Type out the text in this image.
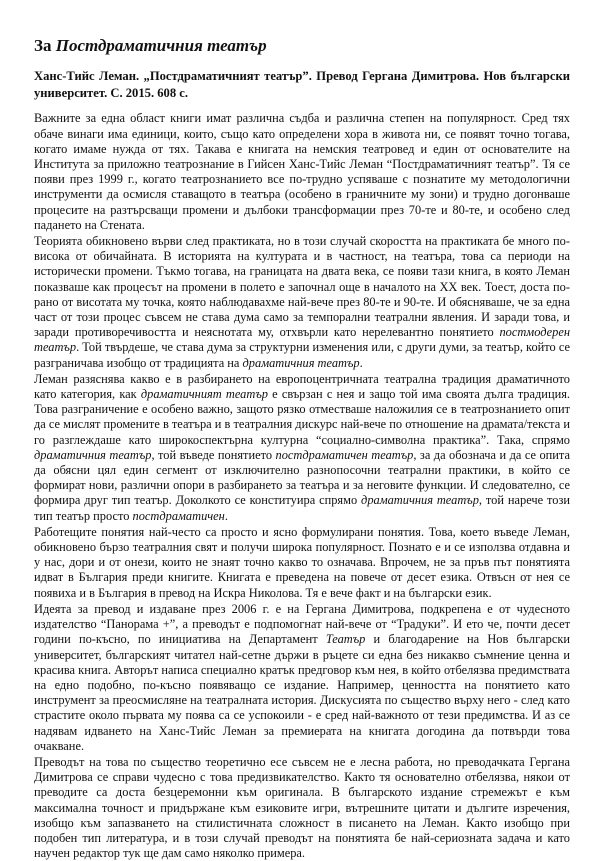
За Постдраматичния театър

Ханс-Тийс Леман. „Постдраматичният театър”. Превод Гергана Димитрова. Нов български университет. С. 2015. 608 с.

Важните за една област книги имат различна съдба и различна степен на популярност. Сред тях обаче винаги има единици, които, също като определени хора в живота ни, се появят точно тогава, когато имаме нужда от тях. Такава е книгата на немския театровед и един от основателите на Института за приложно театрознание в Гийсен Ханс-Тийс Леман “Постдраматичният театър”. Тя се появи през 1999 г., когато театрознанието все по-трудно успяваше с познатите му методологични инструменти да осмисля ставащото в театъра (особено в граничните му зони) и трудно догонваше процесите на разтърсващи промени и дълбоки трансформации през 70-те и 80-те, и особено след падането на Стената.

Теорията обикновено върви след практиката, но в този случай скоростта на практиката бе много по-висока от обичайната. В историята на културата и в частност, на театъра, това са периоди на исторически промени. Тъкмо тогава, на границата на двата века, се появи тази книга, в която Леман показваше как процесът на промени в полето е започнал още в началото на ХХ век. Тоест, доста по-рано от висотата му точка, която наблюдавахме най-вече през 80-те и 90-те. И обясняваше, че за една част от този процес съвсем не става дума само за темпорални театрални явления. И заради това, и заради противоречивостта и неяснотата му, отхвърли като нерелевантно понятието постмодерен театър. Той твърдеше, че става дума за структурни изменения или, с други думи, за театър, който се разграничава изобщо от традицията на драматичния театър.

Леман разяснява какво е в разбирането на европоцентричната театрална традиция драматичното като категория, как драматичният театър е свързан с нея и защо той има своята дълга традиция. Това разграничение е особено важно, защото рязко отместваше наложилия се в театрознанието опит да се мислят промените в театъра и в театралния дискурс най-вече по отношение на драмата/текста и го разглеждаше като широкоспектърна културна “социално-символна практика”. Така, спрямо драматичния театър, той въведе понятието постдраматичен театър, за да обознача и да се опита да обясни цял един сегмент от изключително разнопосочни театрални практики, в който се формират нови, различни опори в разбирането за театъра и за неговите функции. И следователно, се формира друг тип театър. Доколкото се конституира спрямо драматичния театър, той нарече този тип театър просто постдраматичен.

Работещите понятия най-често са просто и ясно формулирани понятия. Това, което въведе Леман, обикновено бързо театралния свят и получи широка популярност. Познато е и се използва отдавна и у нас, дори и от онези, които не знаят точно какво то означава. Впрочем, не за пръв път понятията идват в България преди книгите. Книгата е преведена на повече от десет езика. Отвъсн от нея се появиха и в България в превод на Искра Николова. Тя е вече факт и на български език.

Идеята за превод и издаване през 2006 г. е на Гергана Димитрова, подкрепена е от чудесното издателство “Панорама +”, а преводът е подпомогнат най-вече от “Традуки”. И ето че, почти десет години по-късно, по инициатива на Департамент Театър и благодарение на Нов български университет, българският читател най-сетне държи в ръцете си една без никакво съмнение ценна и красива книга. Авторът написа специално кратък предговор към нея, в който отбелязва предимствата на едно подобно, по-късно появяващо се издание. Например, ценността на понятието като инструмент за преосмисляне на театралната история. Дискусията по същество върху него - след като страстите около първата му поява са се успокоили - е сред най-важното от тези предимства. И аз се надявам идването на Ханс-Тийс Леман за премиерата на книгата догодина да потвърди това очакване.

Преводът на това по същество теоретично есе съвсем не е лесна работа, но преводачката Гергана Димитрова се справи чудесно с това предизвикателство. Както тя основателно отбелязва, някои от преводите са доста безцеремонни към оригинала. В българското издание стремежът е към максимална точност и придържане към езиковите игри, вътрешните цитати и дългите изречения, изобщо към запазването на стилистичната сложност в писането на Леман. Както изобщо при подобен тип литература, и в този случай преводът на понятията бе най-сериозната задача и като научен редактор тук ще дам само няколко примера.
